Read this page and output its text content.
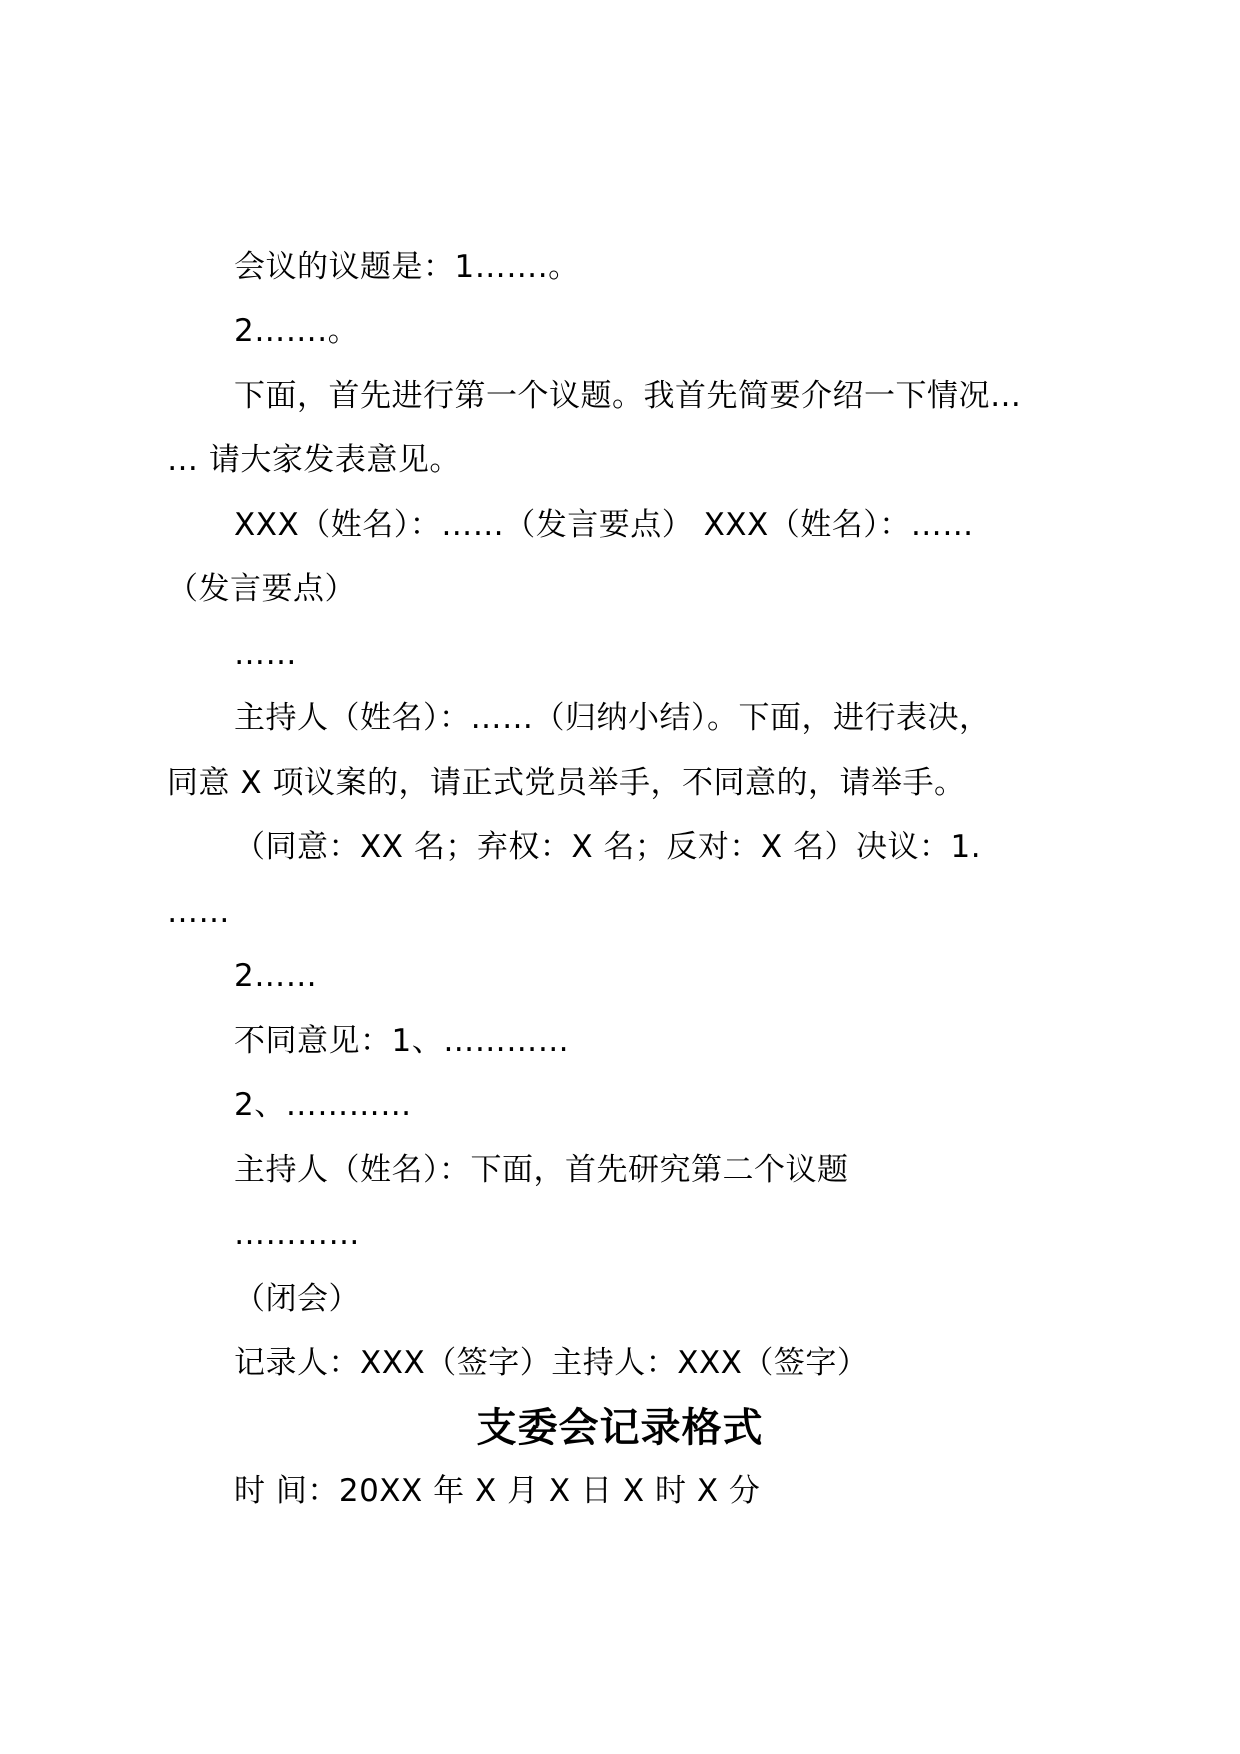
会议的议题是：1…….。

2…….。

下面，首先进行第一个议题。我首先简要介绍一下情况…

… 请大家发表意见。

XXX（姓名）：……（发言要点） XXX（姓名）：……

（发言要点）

……

主持人（姓名）：……（归纳小结）。下面，进行表决，

同意 X 项议案的，请正式党员举手，不同意的，请举手。

（同意：XX 名；弃权：X 名；反对：X 名）决议：1.

……

2……

不同意见：1、…………

2、…………

主持人（姓名）：下面，首先研究第二个议题

…………

（闭会）

记录人：XXX（签字）主持人：XXX（签字）

支委会记录格式

时 间：20XX 年 X 月 X 日 X 时 X 分
